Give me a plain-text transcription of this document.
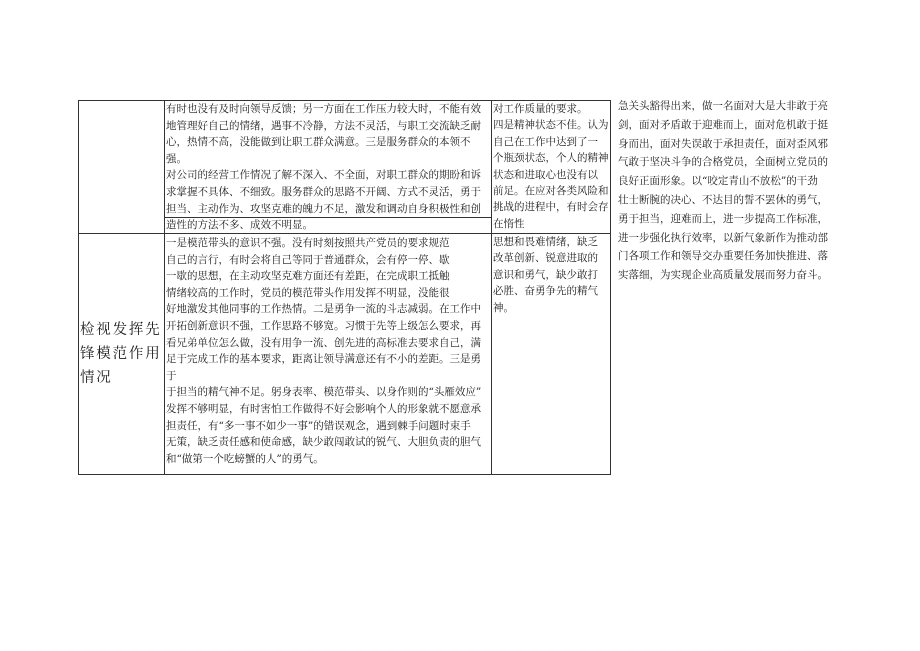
有时也没有及时向领导反馈；另一方面在工作压力较大时，不能有效
地管理好自己的情绪，遇事不冷静，方法不灵活，与职工交流缺乏耐
心，热情不高，没能做到让职工群众满意。三是服务群众的本领不强。
对公司的经营工作情况了解不深入、不全面，对职工群众的期盼和诉
求掌握不具体、不细致。服务群众的思路不开阔、方式不灵活，勇于
担当、主动作为、攻坚克难的魄力不足，激发和调动自身积极性和创
造性的方法不多、成效不明显。
对工作质量的要求。
四是精神状态不佳。认为
自己在工作中达到了一
个瓶颈状态，个人的精神
状态和进取心也没有以
前足。在应对各类风险和
挑战的进程中，有时会存
在惰性
检视发挥先
锋模范作用
情况
一是模范带头的意识不强。没有时刻按照共产党员的要求规范
自己的言行，有时会将自己等同于普通群众，会有停一停、歇
一歇的思想，在主动攻坚克难方面还有差距，在完成职工抵触
情绪较高的工作时，党员的模范带头作用发挥不明显，没能很
好地激发其他同事的工作热情。二是勇争一流的斗志减弱。在工作中
开拓创新意识不强，工作思路不够宽。习惯于先等上级怎么要求，再
看兄弟单位怎么做，没有用争一流、创先进的高标准去要求自己，满
足于完成工作的基本要求，距离让领导满意还有不小的差距。三是勇于
于担当的精气神不足。躬身表率、模范带头、以身作则的“头雁效应”
发挥不够明显，有时害怕工作做得不好会影响个人的形象就不愿意承
担责任，有“多一事不如少一事”的错误观念，遇到棘手问题时束手
无策，缺乏责任感和使命感，缺少敢闯敢试的锐气、大胆负责的胆气
和“做第一个吃螃蟹的人”的勇气。
思想和畏难情绪，缺乏
改革创新、锐意进取的
意识和勇气，缺少敢打
必胜、奋勇争先的精气
神。
急关头豁得出来，做一名面对大是大非敢于亮
剑，面对矛盾敢于迎难而上，面对危机敢于挺
身而出，面对失误敢于承担责任，面对歪风邪
气敢于坚决斗争的合格党员，全面树立党员的
良好正面形象。以“咬定青山不放松”的干劲
壮士断腕的决心、不达目的誓不罢休的勇气，
勇于担当，迎难而上，进一步提高工作标准，
进一步强化执行效率，以新气象新作为推动部
门各项工作和领导交办重要任务加快推进、落
实落细，为实现企业高质量发展而努力奋斗。
